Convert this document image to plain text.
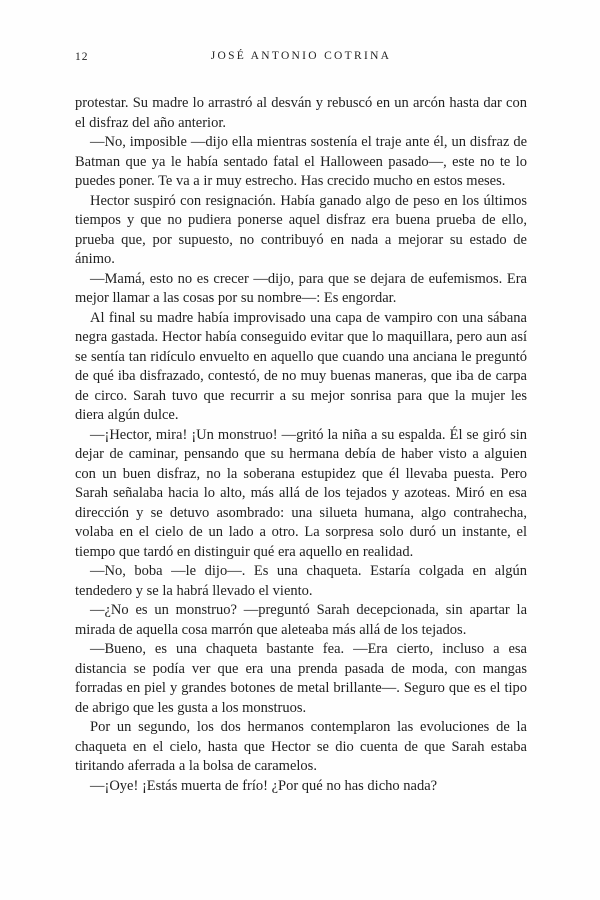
12	JOSÉ ANTONIO COTRINA

protestar. Su madre lo arrastró al desván y rebuscó en un arcón hasta dar con el disfraz del año anterior.

—No, imposible —dijo ella mientras sostenía el traje ante él, un disfraz de Batman que ya le había sentado fatal el Halloween pasado—, este no te lo puedes poner. Te va a ir muy estrecho. Has crecido mucho en estos meses.

Hector suspiró con resignación. Había ganado algo de peso en los últimos tiempos y que no pudiera ponerse aquel disfraz era buena prueba de ello, prueba que, por supuesto, no contribuyó en nada a mejorar su estado de ánimo.

—Mamá, esto no es crecer —dijo, para que se dejara de eufemismos. Era mejor llamar a las cosas por su nombre—: Es engordar.

Al final su madre había improvisado una capa de vampiro con una sábana negra gastada. Hector había conseguido evitar que lo maquillara, pero aun así se sentía tan ridículo envuelto en aquello que cuando una anciana le preguntó de qué iba disfrazado, contestó, de no muy buenas maneras, que iba de carpa de circo. Sarah tuvo que recurrir a su mejor sonrisa para que la mujer les diera algún dulce.

—¡Hector, mira! ¡Un monstruo! —gritó la niña a su espalda. Él se giró sin dejar de caminar, pensando que su hermana debía de haber visto a alguien con un buen disfraz, no la soberana estupidez que él llevaba puesta. Pero Sarah señalaba hacia lo alto, más allá de los tejados y azoteas. Miró en esa dirección y se detuvo asombrado: una silueta humana, algo contrahecha, volaba en el cielo de un lado a otro. La sorpresa solo duró un instante, el tiempo que tardó en distinguir qué era aquello en realidad.

—No, boba —le dijo—. Es una chaqueta. Estaría colgada en algún tendedero y se la habrá llevado el viento.

—¿No es un monstruo? —preguntó Sarah decepcionada, sin apartar la mirada de aquella cosa marrón que aleteaba más allá de los tejados.

—Bueno, es una chaqueta bastante fea. —Era cierto, incluso a esa distancia se podía ver que era una prenda pasada de moda, con mangas forradas en piel y grandes botones de metal brillante—. Seguro que es el tipo de abrigo que les gusta a los monstruos.

Por un segundo, los dos hermanos contemplaron las evoluciones de la chaqueta en el cielo, hasta que Hector se dio cuenta de que Sarah estaba tiritando aferrada a la bolsa de caramelos.

—¡Oye! ¡Estás muerta de frío! ¿Por qué no has dicho nada?
